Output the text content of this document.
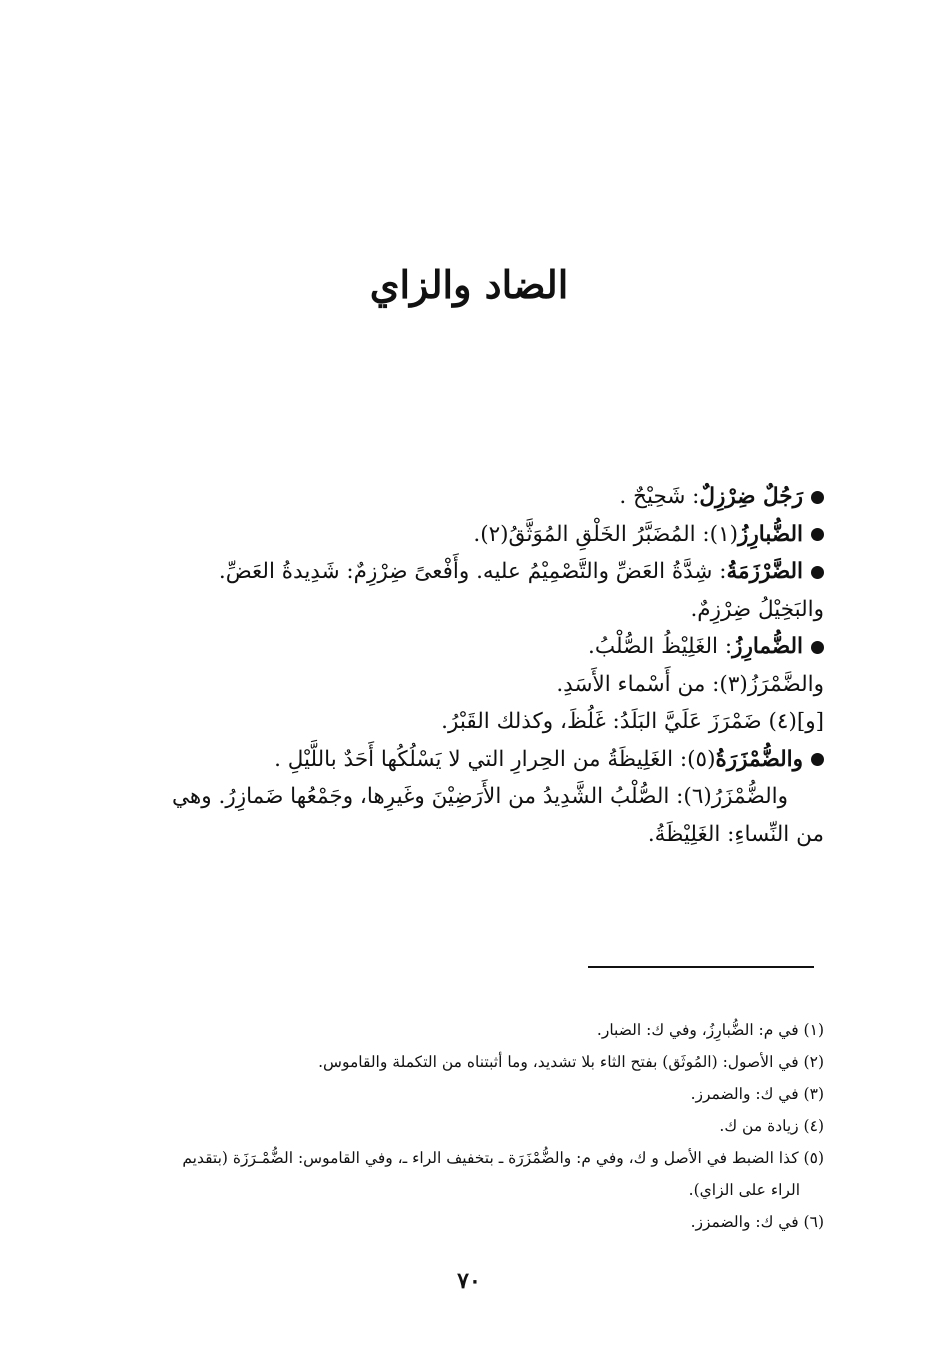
الضاد والزاي
رَجُلٌ ضِرْزِلٌ: شَحِيْحٌ .
الضُّبارِزُ(١): المُضَبَّرُ الخَلْقِ المُوَثَّقُ(٢).
الضَّرْزَمَةُ: شِدَّةُ العَضِّ والتَّصْمِيْمُ عليه. وأَفْعىً ضِرْزِمٌ: شَدِيدةُ العَضِّ.
والبَخِيْلُ ضِرْزِمٌ.
الضُّمارِزُ: الغَلِيْظُ الصُّلْبُ.
والضَّمْرَزُ(٣): من أَسْماء الأَسَدِ.
[و](٤) ضَمْرَزَ عَلَيَّ البَلَدُ: غَلُظَ، وكذلك القَبْرُ.
والضُّمْزَرَةُ(٥): الغَلِيظَةُ من الحِرارِ التي لا يَسْلُكُها أَحَدٌ باللَّيْلِ .
والضُّمْزَرُ(٦): الصُّلْبُ الشَّدِيدُ من الأَرَضِيْنَ وغَيرِها، وجَمْعُها ضَمازِرُ. وهي
من النِّساءِ: الغَلِيْظَةُ.
(١) في م: الضُّبارِزُ، وفي ك: الضبار.
(٢) في الأصول: (المُوثَق) بفتح الثاء بلا تشديد، وما أثبتناه من التكملة والقاموس.
(٣) في ك: والضمرز.
(٤) زيادة من ك.
(٥) كذا الضبط في الأصل و ك، وفي م: والضُّمْزَرَة ـ بتخفيف الراء ـ، وفي القاموس: الضُّمْـرَزَة (بتقديم
الراء على الزاي).
(٦) في ك: والضمزز.
٧٠
